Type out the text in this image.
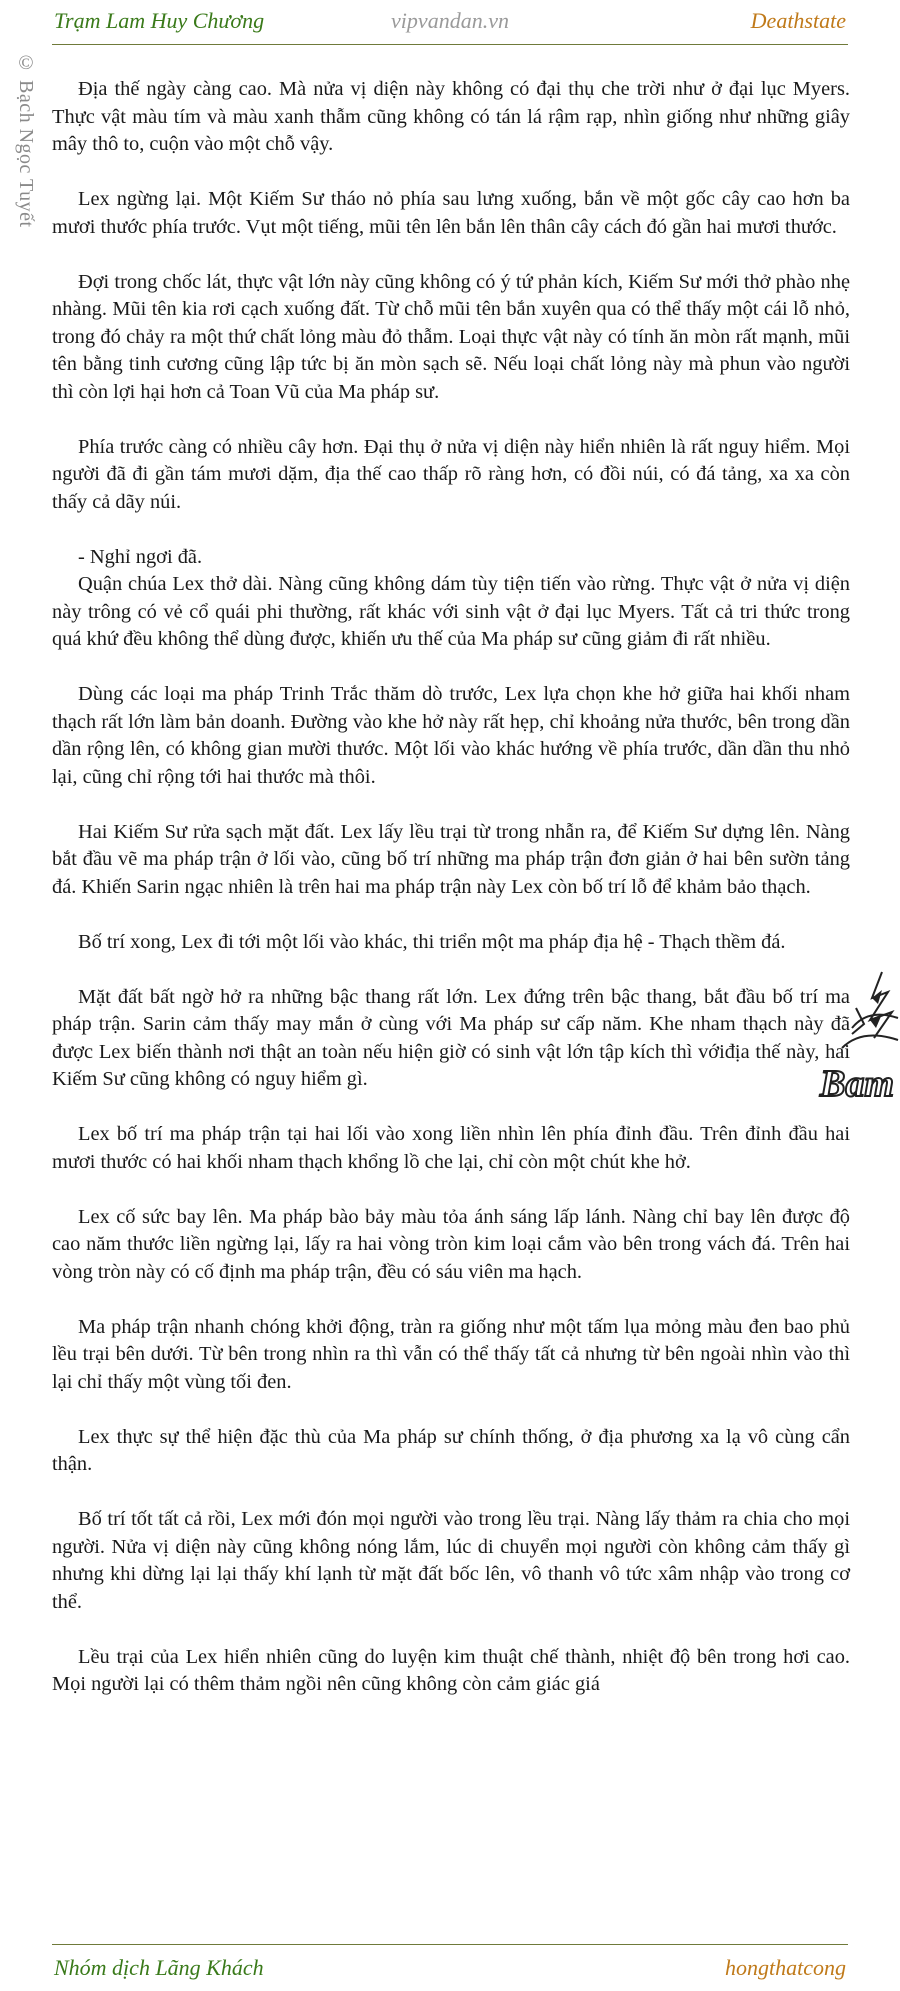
Trạm Lam Huy Chương	vipvandan.vn	Deathstate
© Bạch Ngọc Tuyết	Địa thế ngày càng cao. Mà nửa vị diện này không có đại thụ che trời như ở đại lục Myers. Thực vật màu tím và màu xanh thẫm cũng không có tán lá rậm rạp, nhìn giống như những giây mây thô to, cuộn vào một chỗ vậy.

Lex ngừng lại. Một Kiếm Sư tháo nỏ phía sau lưng xuống, bắn về một gốc cây cao hơn ba mươi thước phía trước. Vụt một tiếng, mũi tên lên bắn lên thân cây cách đó gần hai mươi thước.

Đợi trong chốc lát, thực vật lớn này cũng không có ý tứ phản kích, Kiếm Sư mới thở phào nhẹ nhàng. Mũi tên kia rơi cạch xuống đất. Từ chỗ mũi tên bắn xuyên qua có thể thấy một cái lỗ nhỏ, trong đó chảy ra một thứ chất lỏng màu đỏ thẫm. Loại thực vật này có tính ăn mòn rất mạnh, mũi tên bằng tinh cương cũng lập tức bị ăn mòn sạch sẽ. Nếu loại chất lỏng này mà phun vào người thì còn lợi hại hơn cả Toan Vũ của Ma pháp sư.

Phía trước càng có nhiều cây hơn. Đại thụ ở nửa vị diện này hiển nhiên là rất nguy hiểm. Mọi người đã đi gần tám mươi dặm, địa thế cao thấp rõ ràng hơn, có đồi núi, có đá tảng, xa xa còn thấy cả dãy núi.

- Nghỉ ngơi đã.

Quận chúa Lex thở dài. Nàng cũng không dám tùy tiện tiến vào rừng. Thực vật ở nửa vị diện này trông có vẻ cổ quái phi thường, rất khác với sinh vật ở đại lục Myers. Tất cả tri thức trong quá khứ đều không thể dùng được, khiến ưu thế của Ma pháp sư cũng giảm đi rất nhiều.

Dùng các loại ma pháp Trinh Trắc thăm dò trước, Lex lựa chọn khe hở giữa hai khối nham thạch rất lớn làm bản doanh. Đường vào khe hở này rất hẹp, chỉ khoảng nửa thước, bên trong dần dần rộng lên, có không gian mười thước. Một lối vào khác hướng về phía trước, dần dần thu nhỏ lại, cũng chỉ rộng tới hai thước mà thôi.

Hai Kiếm Sư rửa sạch mặt đất. Lex lấy lều trại từ trong nhẫn ra, để Kiếm Sư dựng lên. Nàng bắt đầu vẽ ma pháp trận ở lối vào, cũng bố trí những ma pháp trận đơn giản ở hai bên sườn tảng đá. Khiến Sarin ngạc nhiên là trên hai ma pháp trận này Lex còn bố trí lỗ để khảm bảo thạch.

Bố trí xong, Lex đi tới một lối vào khác, thi triển một ma pháp địa hệ - Thạch thềm đá.

Mặt đất bất ngờ hở ra những bậc thang rất lớn. Lex đứng trên bậc thang, bắt đầu bố trí ma pháp trận. Sarin cảm thấy may mắn ở cùng với Ma pháp sư cấp năm. Khe nham thạch này đã được Lex biến thành nơi thật an toàn nếu hiện giờ có sinh vật lớn tập kích thì vớiđịa thế này, hai Kiếm Sư cũng không có nguy hiểm gì.

Lex bố trí ma pháp trận tại hai lối vào xong liền nhìn lên phía đỉnh đầu. Trên đỉnh đầu hai mươi thước có hai khối nham thạch khổng lồ che lại, chỉ còn một chút khe hở.

Lex cố sức bay lên. Ma pháp bào bảy màu tỏa ánh sáng lấp lánh. Nàng chỉ bay lên được độ cao năm thước liền ngừng lại, lấy ra hai vòng tròn kim loại cắm vào bên trong vách đá. Trên hai vòng tròn này có cố định ma pháp trận, đều có sáu viên ma hạch.

Ma pháp trận nhanh chóng khởi động, tràn ra giống như một tấm lụa mỏng màu đen bao phủ lều trại bên dưới. Từ bên trong nhìn ra thì vẫn có thể thấy tất cả nhưng từ bên ngoài nhìn vào thì lại chỉ thấy một vùng tối đen.

Lex thực sự thể hiện đặc thù của Ma pháp sư chính thống, ở địa phương xa lạ vô cùng cẩn thận.

Bố trí tốt tất cả rồi, Lex mới đón mọi người vào trong lều trại. Nàng lấy thảm ra chia cho mọi người. Nửa vị diện này cũng không nóng lắm, lúc di chuyển mọi người còn không cảm thấy gì nhưng khi dừng lại lại thấy khí lạnh từ mặt đất bốc lên, vô thanh vô tức xâm nhập vào trong cơ thể.

Lều trại của Lex hiển nhiên cũng do luyện kim thuật chế thành, nhiệt độ bên trong hơi cao. Mọi người lại có thêm thảm ngồi nên cũng không còn cảm giác giá

Bam
Nhóm dịch Lãng Khách	hongthatcong
